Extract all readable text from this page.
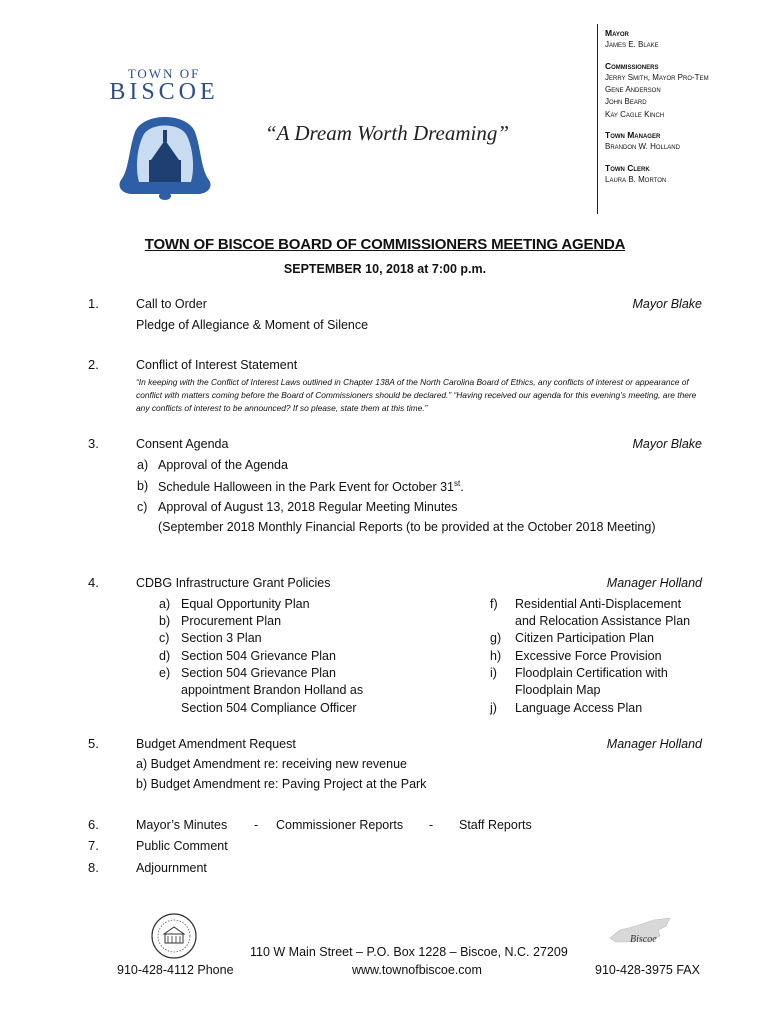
TOWN OF
BISCOE
“A Dream Worth Dreaming”
Mayor
James E. Blake
Commissioners
Jerry Smith, Mayor Pro-Tem
Gene Anderson
John Beard
Kay Cagle Kinch
Town Manager
Brandon W. Holland
Town Clerk
Laura B. Morton
TOWN OF BISCOE BOARD OF COMMISSIONERS MEETING AGENDA
SEPTEMBER 10, 2018 at 7:00 p.m.
1.	Call to Order	Mayor Blake
Pledge of Allegiance & Moment of Silence
2.	Conflict of Interest Statement
“In keeping with the Conflict of Interest Laws outlined in Chapter 138A of the North Carolina Board of Ethics, any conflicts of interest or appearance of conflict with matters coming before the Board of Commissioners should be declared.” “Having received our agenda for this evening’s meeting, are there any conflicts of interest to be announced? If so please, state them at this time.”
3.	Consent Agenda	Mayor Blake
a) Approval of the Agenda
b) Schedule Halloween in the Park Event for October 31st.
c) Approval of August 13, 2018 Regular Meeting Minutes
(September 2018 Monthly Financial Reports (to be provided at the October 2018 Meeting)
4.	CDBG Infrastructure Grant Policies	Manager Holland
a) Equal Opportunity Plan
b) Procurement Plan
c) Section 3 Plan
d) Section 504 Grievance Plan
e) Section 504 Grievance Plan
appointment Brandon Holland as
Section 504 Compliance Officer
f) Residential Anti-Displacement
and Relocation Assistance Plan
g) Citizen Participation Plan
h) Excessive Force Provision
i) Floodplain Certification with
Floodplain Map
j) Language Access Plan
5.	Budget Amendment Request	Manager Holland
a) Budget Amendment re: receiving new revenue
b) Budget Amendment re: Paving Project at the Park
6.	Mayor’s Minutes - Commissioner Reports - Staff Reports
7.	Public Comment
8.	Adjournment
Biscoe
110 W Main Street – P.O. Box 1228 – Biscoe, N.C. 27209
910-428-4112 Phone	www.townofbiscoe.com	910-428-3975 FAX
